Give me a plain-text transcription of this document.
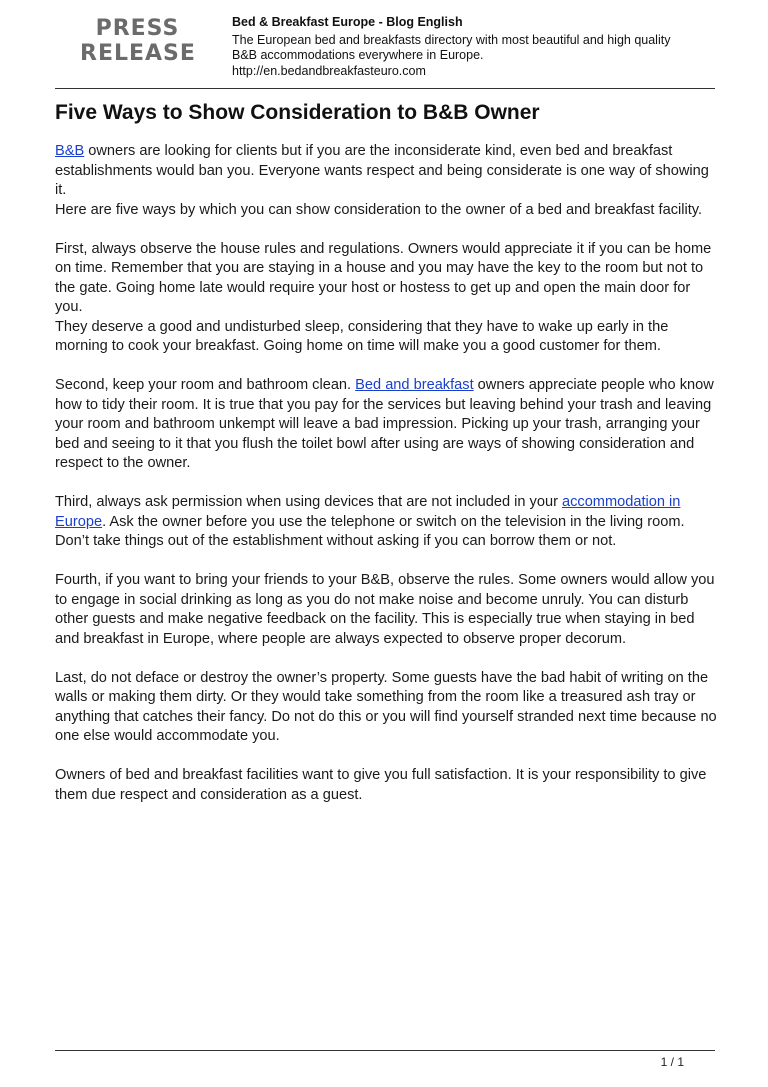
PRESS
RELEASE
Bed & Breakfast Europe - Blog English
The European bed and breakfasts directory with most beautiful and high quality
B&B accommodations everywhere in Europe.
http://en.bedandbreakfasteuro.com
Five Ways to Show Consideration to B&B Owner

B&B owners are looking for clients but if you are the inconsiderate kind, even bed and breakfast establishments would ban you. Everyone wants respect and being considerate is one way of showing it.
Here are five ways by which you can show consideration to the owner of a bed and breakfast facility.

First, always observe the house rules and regulations. Owners would appreciate it if you can be home on time. Remember that you are staying in a house and you may have the key to the room but not to the gate. Going home late would require your host or hostess to get up and open the main door for you.
They deserve a good and undisturbed sleep, considering that they have to wake up early in the morning to cook your breakfast. Going home on time will make you a good customer for them.

Second, keep your room and bathroom clean. Bed and breakfast owners appreciate people who know how to tidy their room. It is true that you pay for the services but leaving behind your trash and leaving your room and bathroom unkempt will leave a bad impression. Picking up your trash, arranging your bed and seeing to it that you flush the toilet bowl after using are ways of showing consideration and respect to the owner.

Third, always ask permission when using devices that are not included in your accommodation in Europe. Ask the owner before you use the telephone or switch on the television in the living room. Don’t take things out of the establishment without asking if you can borrow them or not.

Fourth, if you want to bring your friends to your B&B, observe the rules. Some owners would allow you to engage in social drinking as long as you do not make noise and become unruly. You can disturb other guests and make negative feedback on the facility. This is especially true when staying in bed and breakfast in Europe, where people are always expected to observe proper decorum.

Last, do not deface or destroy the owner’s property. Some guests have the bad habit of writing on the walls or making them dirty. Or they would take something from the room like a treasured ash tray or anything that catches their fancy. Do not do this or you will find yourself stranded next time because no one else would accommodate you.

Owners of bed and breakfast facilities want to give you full satisfaction. It is your responsibility to give them due respect and consideration as a guest.

1 / 1
